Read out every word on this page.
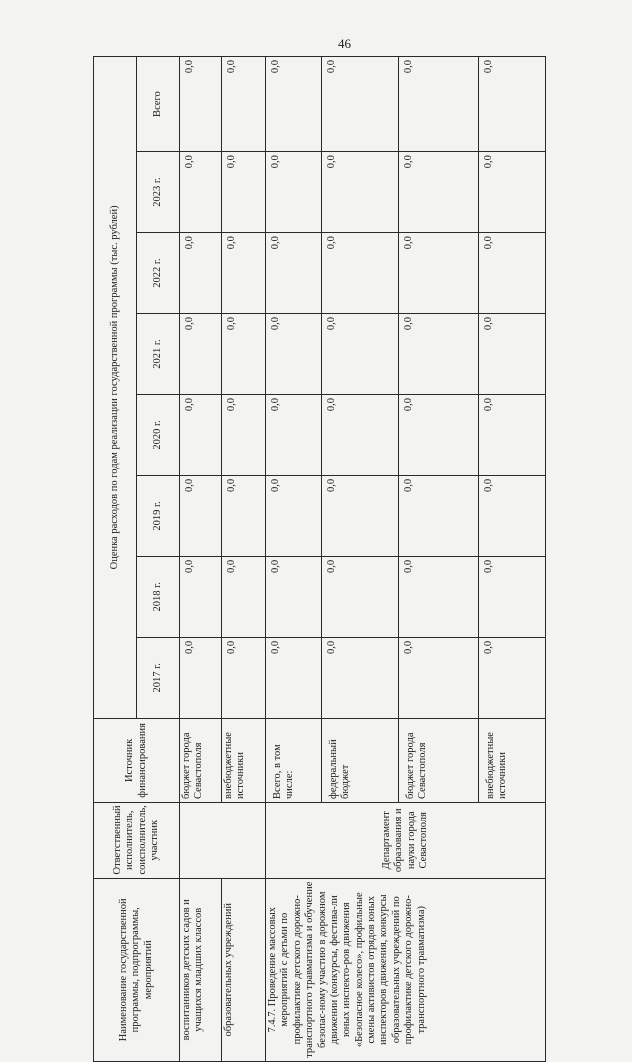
46
Наименование государственной программы, подпрограммы, мероприятий	Ответственный исполнитель, соисполнитель, участник	Источник финансирования	Оценка расходов по годам реализации государственной программы (тыс. рублей)							
			2017 г.	2018 г.	2019 г.	2020 г.	2021 г.	2022 г.	2023 г.	Всего
воспитанников детских садов и учащихся младших классов		бюджет города Севастополя	0,0	0,0	0,0	0,0	0,0	0,0	0,0	0,0
образовательных учреждений		внебюджетные источники	0,0	0,0	0,0	0,0	0,0	0,0	0,0	0,0
7.4.7. Проведение массовых мероприятий с детьми по профилактике детского дорожно-транспортного травматизма и обучение безопас-ному участию в дорожном движении (конкурсы, фестива-ли юных инспекто-ров движения «Безопасное колесо», профильные смены активистов отрядов юных инспекторов движения, конкурсы образовательных учреждений по профилактике детского дорожно-транспортного травматизма)	Департамент образования и науки города Севастополя	Всего, в том числе:	0,0	0,0	0,0	0,0	0,0	0,0	0,0	0,0
		федеральный бюджет	0,0	0,0	0,0	0,0	0,0	0,0	0,0	0,0
		бюджет города Севастополя	0,0	0,0	0,0	0,0	0,0	0,0	0,0	0,0
		внебюджетные источники	0,0	0,0	0,0	0,0	0,0	0,0	0,0	0,0
